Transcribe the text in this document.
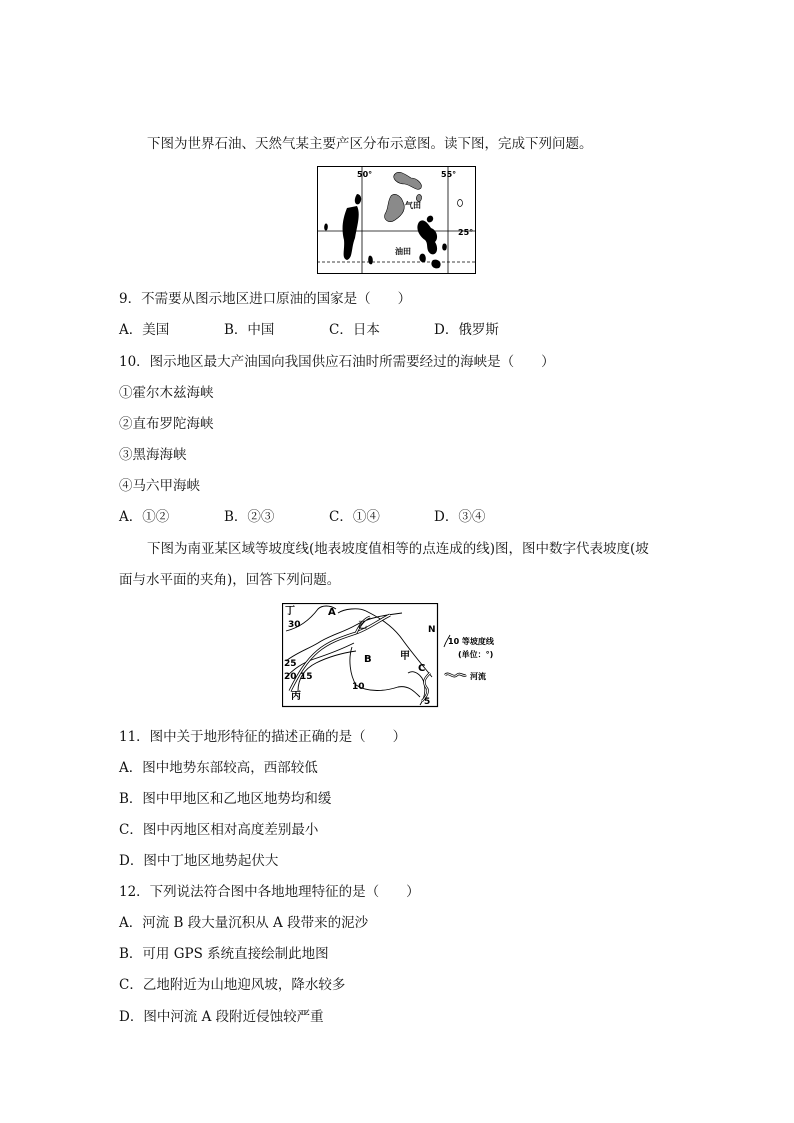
下图为世界石油、天然气某主要产区分布示意图。读下图，完成下列问题。
50°	55°
25°
气田
油田
9．不需要从图示地区进口原油的国家是（　　）
A．美国	B．中国	C．日本	D．俄罗斯
10．图示地区最大产油国向我国供应石油时所需要经过的海峡是（　　）
①霍尔木兹海峡
②直布罗陀海峡
③黑海海峡
④马六甲海峡
A．①②	B．②③	C．①④	D．③④
下图为南亚某区域等坡度线(地表坡度值相等的点连成的线)图，图中数字代表坡度(坡
面与水平面的夹角)，回答下列问题。
丁	A
乙	N
B	甲
C
丙
30
25
20 15
10
5
10 等坡度线
(单位：°)
河流
11．图中关于地形特征的描述正确的是（　　）
A．图中地势东部较高，西部较低
B．图中甲地区和乙地区地势均和缓
C．图中丙地区相对高度差别最小
D．图中丁地区地势起伏大
12．下列说法符合图中各地地理特征的是（　　）
A．河流 B 段大量沉积从 A 段带来的泥沙
B．可用 GPS 系统直接绘制此地图
C．乙地附近为山地迎风坡，降水较多
D．图中河流 A 段附近侵蚀较严重
